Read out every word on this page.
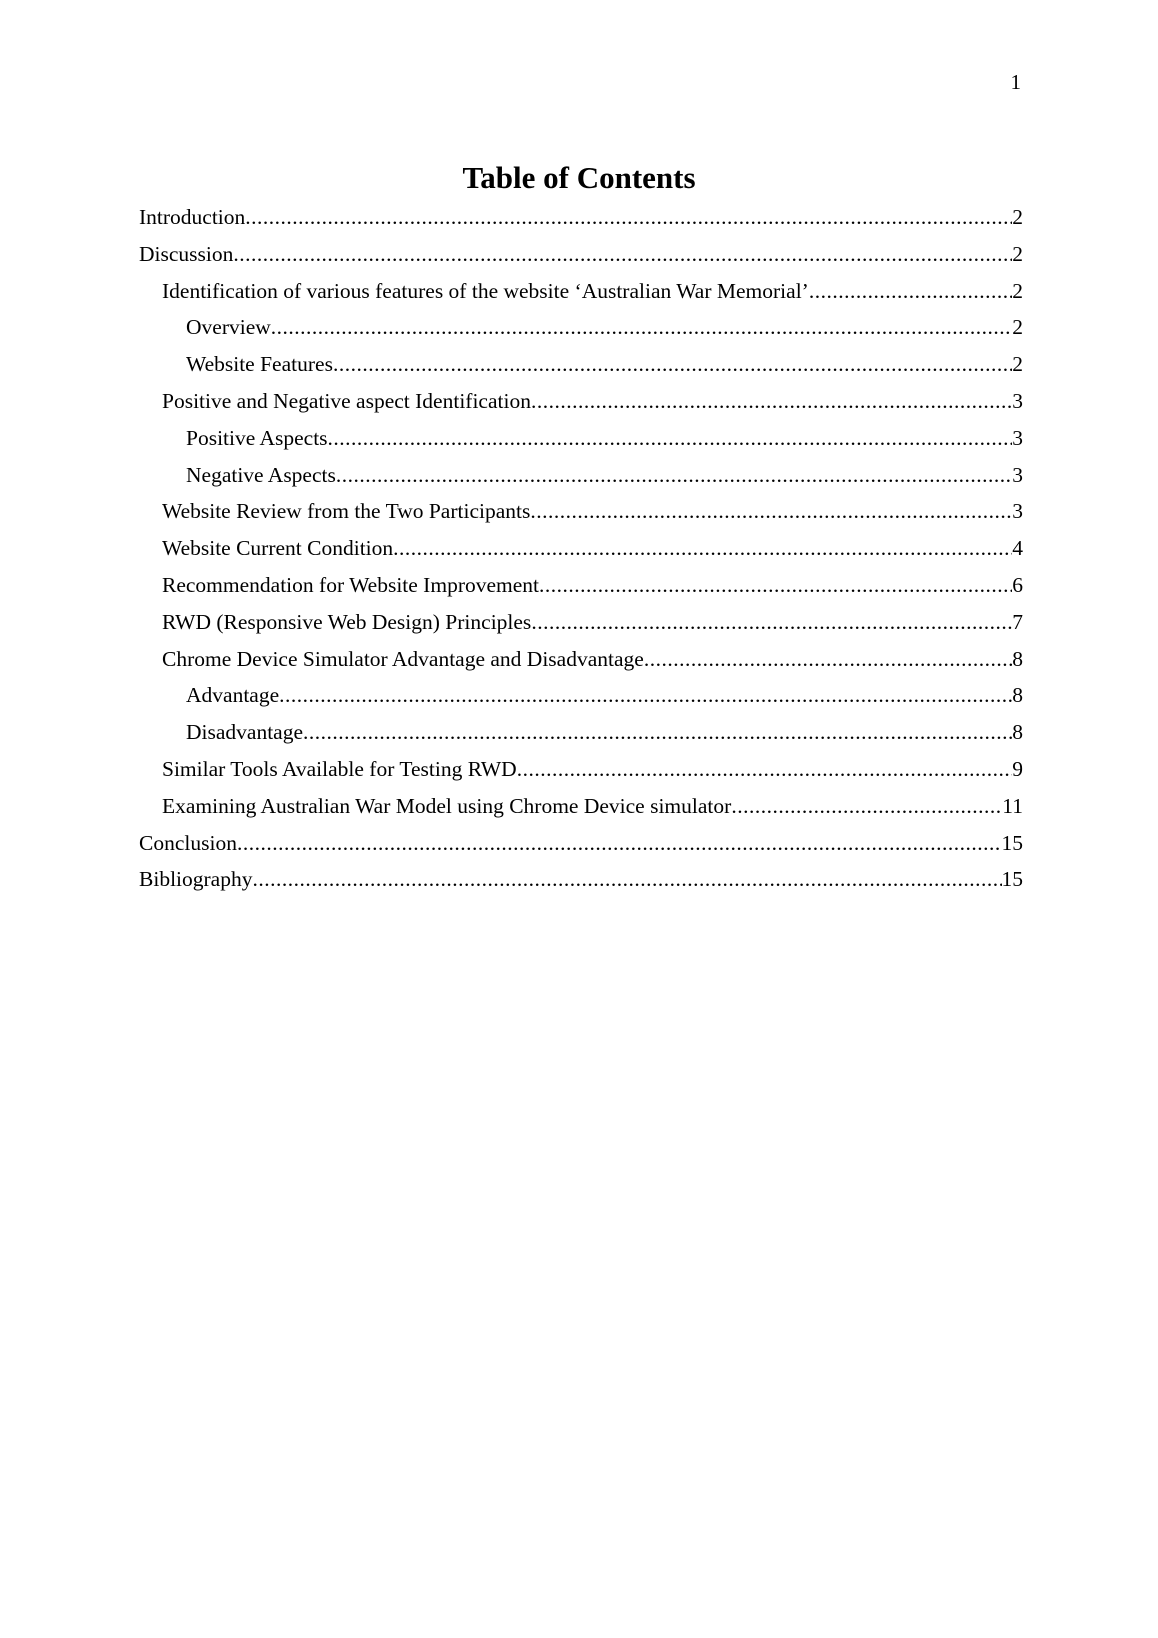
1
Table of Contents
Introduction .....	2
Discussion .....	2
Identification of various features of the website ‘Australian War Memorial’ .....	2
Overview .....	2
Website Features .....	2
Positive and Negative aspect Identification .....	3
Positive Aspects .....	3
Negative Aspects .....	3
Website Review from the Two Participants .....	3
Website Current Condition .....	4
Recommendation for Website Improvement .....	6
RWD (Responsive Web Design) Principles .....	7
Chrome Device Simulator Advantage and Disadvantage .....	8
Advantage .....	8
Disadvantage .....	8
Similar Tools Available for Testing RWD .....	9
Examining Australian War Model using Chrome Device simulator .....	11
Conclusion .....	15
Bibliography .....	15
